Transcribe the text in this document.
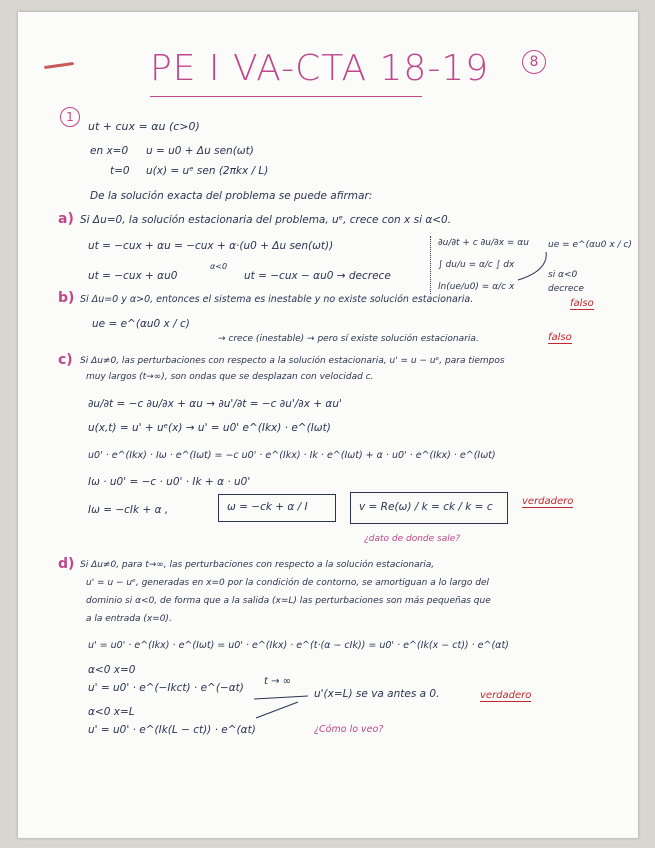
PE I VA-CTA 18-19	8
1
ut + cux = αu (c>0)
en x=0 u = u0 + Δu sen(ωt)
t=0 u(x) = uᵉ sen (2πkx / L)
De la solución exacta del problema se puede afirmar:
a) Si Δu=0, la solución estacionaria del problema, uᵉ, crece con x si α<0.
ut = −cux + αu = −cux + α·(u0 + Δu sen(ωt))
ut = −cux + αu0
α<0
ut = −cux − αu0 → decrece
∂u/∂t + c ∂u/∂x = αu
∫ du/u = α/c ∫ dx
ln(ue/u0) = α/c x
ue = e^(αu0 x / c)
si α<0
decrece
falso
b) Si Δu=0 y α>0, entonces el sistema es inestable y no existe solución estacionaria.
ue = e^(αu0 x / c)
→ crece (inestable) → pero sí existe solución estacionaria.	falso
c) Si Δu≠0, las perturbaciones con respecto a la solución estacionaria, u' = u − uᵉ, para tiempos
muy largos (t→∞), son ondas que se desplazan con velocidad c.
∂u/∂t = −c ∂u/∂x + αu → ∂u'/∂t = −c ∂u'/∂x + αu'
u(x,t) = u' + uᵉ(x) → u' = u0' e^(Ikx) · e^(Iωt)
u0' · e^(Ikx) · Iω · e^(Iωt) = −c u0' · e^(Ikx) · Ik · e^(Iωt) + α · u0' · e^(Ikx) · e^(Iωt)
Iω · u0' = −c · u0' · Ik + α · u0'
Iω = −cIk + α ,	ω = −ck + α / I	v = Re(ω) / k = ck / k = c	verdadero
¿dato de donde sale?
d) Si Δu≠0, para t→∞, las perturbaciones con respecto a la solución estacionaria,
u' = u − uᵉ, generadas en x=0 por la condición de contorno, se amortiguan a lo largo del
dominio si α<0, de forma que a la salida (x=L) las perturbaciones son más pequeñas que
a la entrada (x=0).
u' = u0' · e^(Ikx) · e^(Iωt) = u0' · e^(Ikx) · e^(t·(α − cIk)) = u0' · e^(Ik(x − ct)) · e^(αt)
α<0 x=0
u' = u0' · e^(−Ikct) · e^(−αt)
t → ∞
u'(x=L) se va antes a 0.	verdadero
α<0 x=L
u' = u0' · e^(Ik(L − ct)) · e^(αt)	¿Cómo lo veo?
